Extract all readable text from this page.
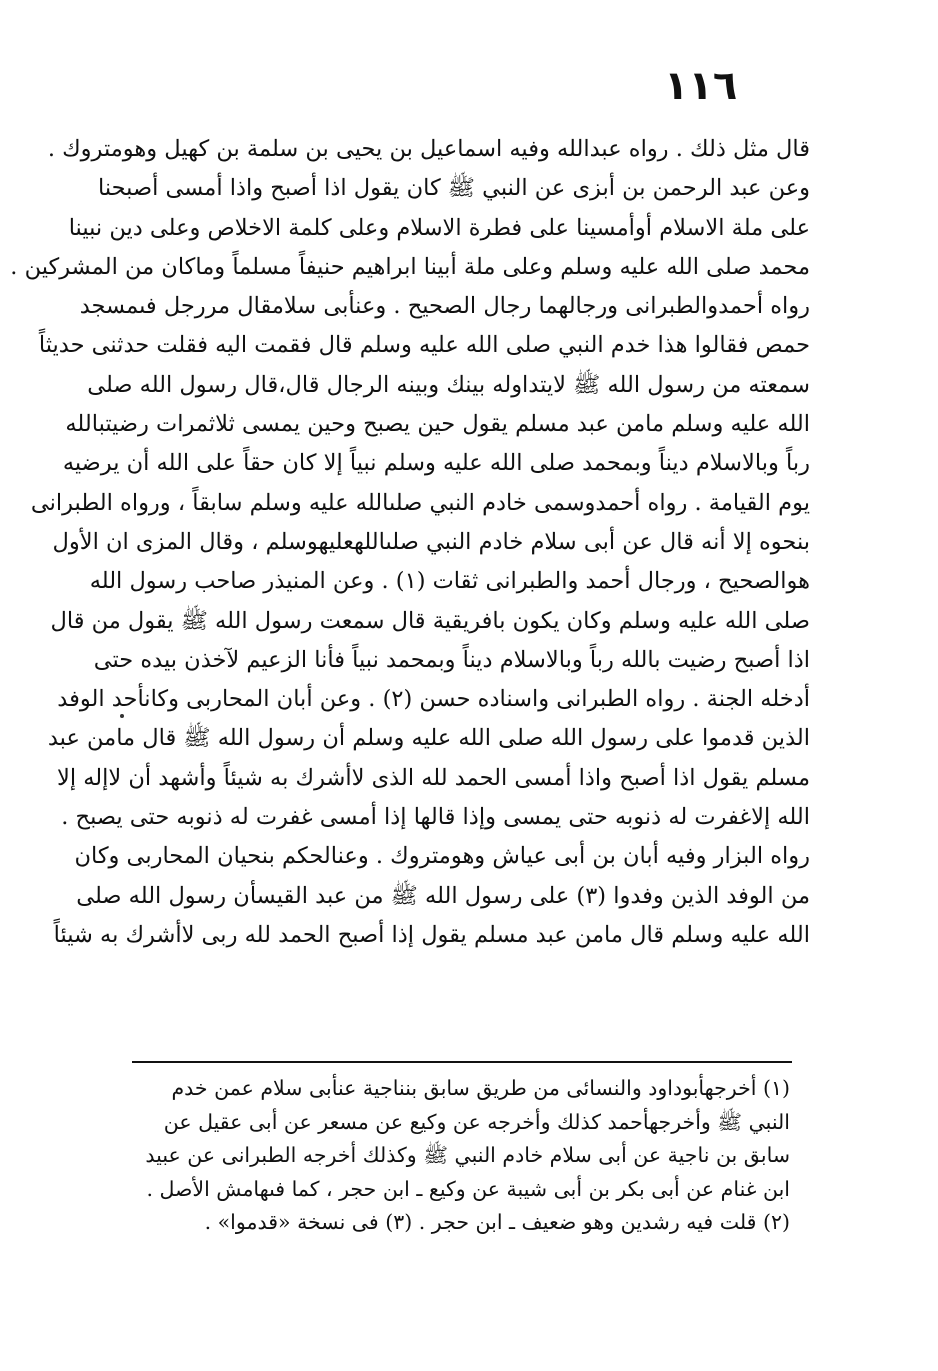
١١٦
قال مثل ذلك . رواه عبدالله وفيه اسماعيل بن يحيى بن سلمة بن كهيل وهومتروك .
وعن عبد الرحمن بن أبزى عن النبي ﷺ كان يقول اذا أصبح واذا أمسى أصبحنا
على ملة الاسلام أوأمسينا على فطرة الاسلام وعلى كلمة الاخلاص وعلى دين نبينا
محمد صلى الله عليه وسلم وعلى ملة أبينا ابراهيم حنيفاً مسلماً وماكان من المشركين .
رواه أحمدوالطبرانى ورجالهما رجال الصحيح . وعنأبى سلامقال مررجل فىمسجد
حمص فقالوا هذا خدم النبي صلى الله عليه وسلم قال فقمت اليه فقلت حدثنى حديثاً
سمعته من رسول الله ﷺ لايتداوله بينك وبينه الرجال قال،قال رسول الله صلى
الله عليه وسلم مامن عبد مسلم يقول حين يصبح وحين يمسى ثلاثمرات رضيتبالله
رباً وبالاسلام ديناً وبمحمد صلى الله عليه وسلم نبياً إلا كان حقاً على الله أن يرضيه
يوم القيامة . رواه أحمدوسمى خادم النبي صلىالله عليه وسلم سابقاً ، ورواه الطبرانى
بنحوه إلا أنه قال عن أبى سلام خادم النبي صلىاللهعليهوسلم ، وقال المزى ان الأول
هوالصحيح ، ورجال أحمد والطبرانى ثقات (١) . وعن المنيذر صاحب رسول الله
صلى الله عليه وسلم وكان يكون بافريقية قال سمعت رسول الله ﷺ يقول من قال
اذا أصبح رضيت بالله رباً وبالاسلام ديناً وبمحمد نبياً فأنا الزعيم لآخذن بيده حتى
أدخله الجنة . رواه الطبرانى واسناده حسن (٢) . وعن أبان المحاربى وكانأحد الوفد
الذين قدموا على رسول الله صلى الله عليه وسلم أن رسول الله ﷺ قال مامن عبد
مسلم يقول اذا أصبح واذا أمسى الحمد لله الذى لاأشرك به شيئاً وأشهد أن لاإله إلا
الله إلاغفرت له ذنوبه حتى يمسى وإذا قالها إذا أمسى غفرت له ذنوبه حتى يصبح .
رواه البزار وفيه أبان بن أبى عياش وهومتروك . وعنالحكم بنحيان المحاربى وكان
من الوفد الذين وفدوا (٣) على رسول الله ﷺ من عبد القيسأن رسول الله صلى
الله عليه وسلم قال مامن عبد مسلم يقول إذا أصبح الحمد لله ربى لاأشرك به شيئاً
(١) أخرجهأبوداود والنسائى من طريق سابق بنناجية عنأبى سلام عمن خدم
النبي ﷺ وأخرجهأحمد كذلك وأخرجه عن وكيع عن مسعر عن أبى عقيل عن
سابق بن ناجية عن أبى سلام خادم النبي ﷺ وكذلك أخرجه الطبرانى عن عبيد
ابن غنام عن أبى بكر بن أبى شيبة عن وكيع ـ ابن حجر ، كما فىهامش الأصل .
(٢) قلت فيه رشدين وهو ضعيف ـ ابن حجر . (٣) فى نسخة «قدموا» .
